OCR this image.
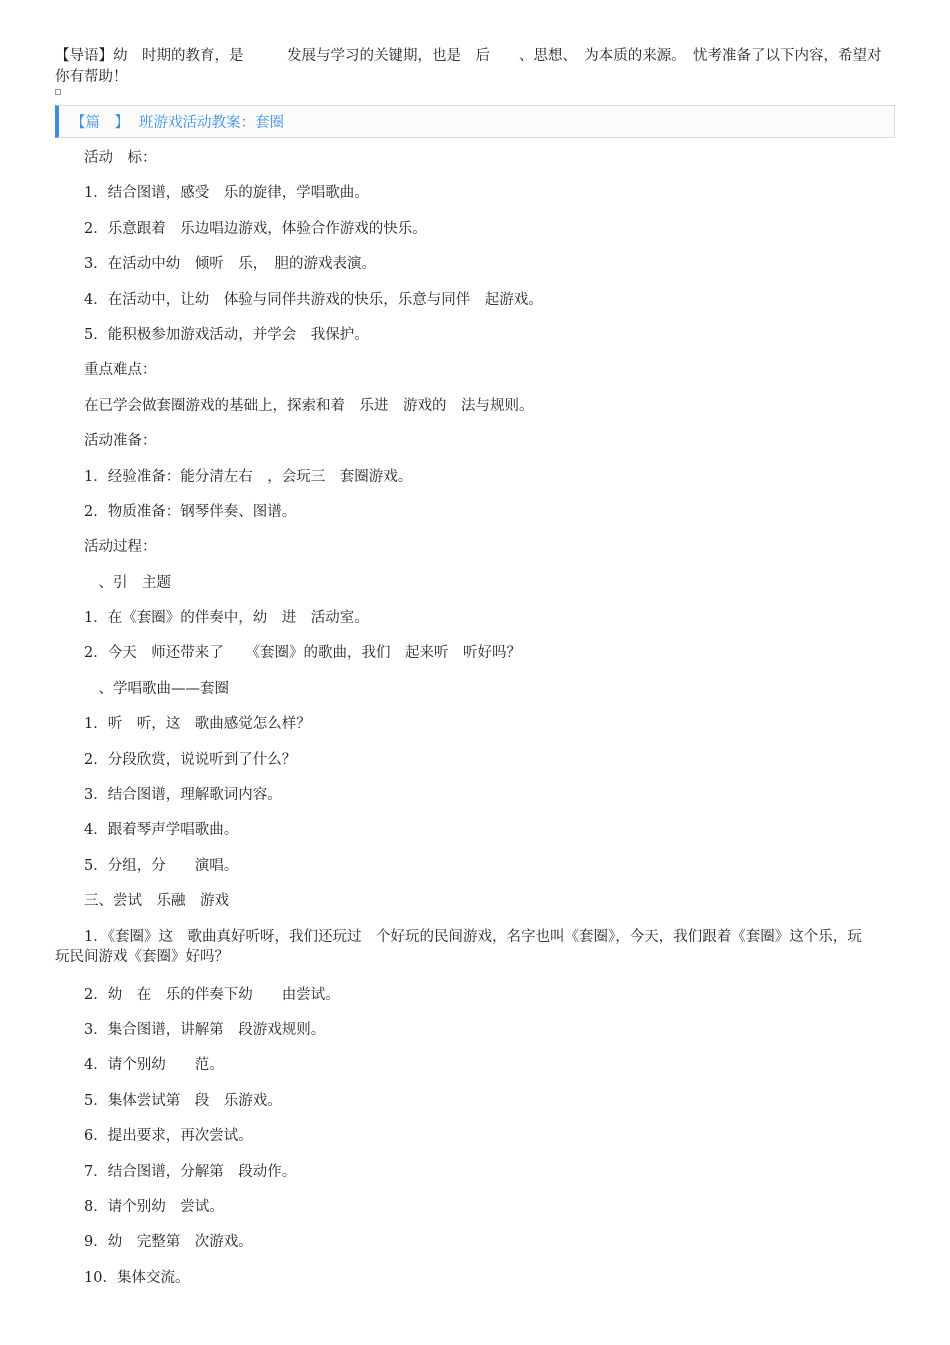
【导语】幼　时期的教育，是　　　发展与学习的关键期，也是　后　　、思想、　为本质的来源。　忧考准备了以下内容，希望对你有帮助！
【篇　】 班游戏活动教案：套圈
活动　标：
1．结合图谱，感受　乐的旋律，学唱歌曲。
2．乐意跟着　乐边唱边游戏，体验合作游戏的快乐。
3．在活动中幼　倾听　乐，　胆的游戏表演。
4．在活动中，让幼　体验与同伴共游戏的快乐，乐意与同伴　起游戏。
5．能积极参加游戏活动，并学会　我保护。
重点难点：
在已学会做套圈游戏的基础上，探索和着　乐进　游戏的　法与规则。
活动准备：
1．经验准备：能分清左右　，会玩三　套圈游戏。
2．物质准备：钢琴伴奏、图谱。
活动过程：
　、引　主题
1．在《套圈》的伴奏中，幼　进　活动室。
2．今天　师还带来了　　《套圈》的歌曲，我们　起来听　听好吗？
　、学唱歌曲——套圈
1．听　听，这　歌曲感觉怎么样？
2．分段欣赏，说说听到了什么？
3．结合图谱，理解歌词内容。
4．跟着琴声学唱歌曲。
5．分组，分　　演唱。
三、尝试　乐融　游戏
1．《套圈》这　歌曲真好听呀，我们还玩过　个好玩的民间游戏，名字也叫《套圈》，今天，我们跟着《套圈》这个乐，玩　玩民间游戏《套圈》好吗？
2．幼　在　乐的伴奏下幼　　由尝试。
3．集合图谱，讲解第　段游戏规则。
4．请个别幼　　范。
5．集体尝试第　段　乐游戏。
6．提出要求，再次尝试。
7．结合图谱，分解第　段动作。
8．请个别幼　尝试。
9．幼　完整第　次游戏。
10．集体交流。
